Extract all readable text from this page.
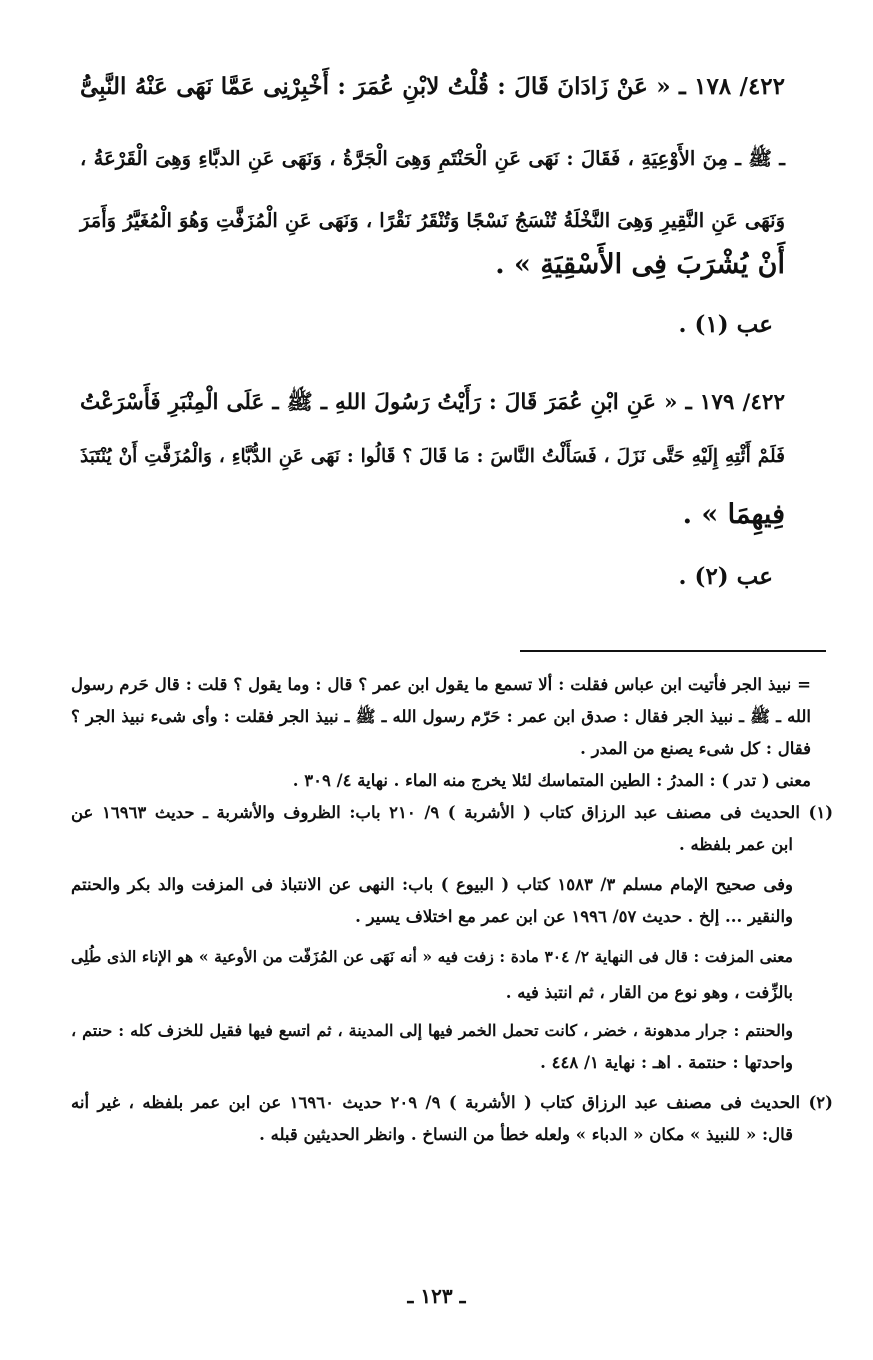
٤٢٢/ ١٧٨ ـ « عَنْ زَادَانَ قَالَ : قُلْتُ لابْنِ عُمَرَ : أَخْبِرْنِى عَمَّا نَهَى عَنْهُ النَّبِىُّ
ـ ﷺ ـ مِنَ الأَوْعِيَةِ ، فَقَالَ : نَهَى عَنِ الْحَنْتَمِ وَهِىَ الْجَرَّةُ ، وَنَهَى عَنِ الدبَّاءِ وَهِىَ الْقَرْعَةُ ،
وَنَهَى عَنِ النَّقِيرِ وَهِىَ النَّخْلَةُ تُنْسَجُ نَسْجًا وَتُنْقَرُ نَقْرًا ، وَنَهَى عَنِ الْمُزَفَّتِ وَهُوَ الْمُغَيَّرُ وَأَمَرَ
أَنْ يُشْرَبَ فِى الأَسْقِيَةِ » .
عب (١) .
٤٢٢/ ١٧٩ ـ « عَنِ ابْنِ عُمَرَ قَالَ : رَأَيْتُ رَسُولَ اللهِ ـ ﷺ ـ عَلَى الْمِنْبَرِ فَأَسْرَعْتُ
فَلَمْ أَئْتِهِ إِلَيْهِ حَتَّى نَزَلَ ، فَسَأَلْتُ النَّاسَ : مَا قَالَ ؟ قَالُوا : نَهَى عَنِ الدُّبَّاءِ ، وَالْمُزَفَّتِ أَنْ يُنْتَبَذَ
فِيهِمَا » .
عب (٢) .
= نبيذ الجر فأتيت ابن عباس فقلت : ألا تسمع ما يقول ابن عمر ؟ قال : وما يقول ؟ قلت : قال حَرم رسول
الله ـ ﷺ ـ نبيذ الجر فقال : صدق ابن عمر : حَرّم رسول الله ـ ﷺ ـ نبيذ الجر فقلت : وأى شىء نبيذ الجر ؟
فقال : كل شىء يصنع من المدر .
معنى ( تدر ) : المدرُ : الطين المتماسك لئلا يخرج منه الماء . نهاية ٤/ ٣٠٩ .
(١) الحديث فى مصنف عبد الرزاق كتاب ( الأشربة ) ٩/ ٢١٠ باب: الظروف والأشربة ـ حديث ١٦٩٦٣ عن
ابن عمر بلفظه .
وفى صحيح الإمام مسلم ٣/ ١٥٨٣ كتاب ( البيوع ) باب: النهى عن الانتباذ فى المزفت والد بكر والحنتم
والنقير ... إلخ . حديث ٥٧/ ١٩٩٦ عن ابن عمر مع اختلاف يسير .
معنى المزفت : قال فى النهاية ٢/ ٣٠٤ مادة : زفت فيه « أنه نَهَى عن المُزَفّت من الأوعية » هو الإناء الذى طُلِى
بالزِّفت ، وهو نوع من القار ، ثم انتبذ فيه .
والحنتم : جرار مدهونة ، خضر ، كانت تحمل الخمر فيها إلى المدينة ، ثم اتسع فيها فقيل للخزف كله : حنتم ،
واحدتها : حنتمة . اهـ : نهاية ١/ ٤٤٨ .
(٢) الحديث فى مصنف عبد الرزاق كتاب ( الأشربة ) ٩/ ٢٠٩ حديث ١٦٩٦٠ عن ابن عمر بلفظه ، غير أنه
قال: « للنبيذ » مكان « الدباء » ولعله خطأ من النساخ . وانظر الحديثين قبله .
ـ ١٢٣ ـ
